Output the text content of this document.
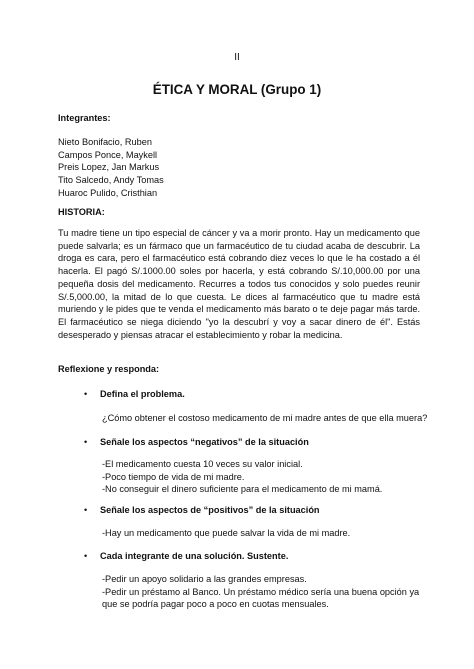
II
ÉTICA Y MORAL (Grupo 1)
Integrantes:
Nieto Bonifacio, Ruben
Campos Ponce, Maykell
Preis Lopez, Jan Markus
Tito Salcedo, Andy Tomas
Huaroc Pulido, Cristhian
HISTORIA:
Tu madre tiene un tipo especial de cáncer y va a morir pronto. Hay un medicamento que puede salvarla; es un fármaco que un farmacéutico de tu ciudad acaba de descubrir. La droga es cara, pero el farmacéutico está cobrando diez veces lo que le ha costado a él hacerla. El pagó S/.1000.00 soles por hacerla, y está cobrando S/.10,000.00 por una pequeña dosis del medicamento. Recurres a todos tus conocidos y solo puedes reunir S/.5,000.00, la mitad de lo que cuesta. Le dices al farmacéutico que tu madre está muriendo y le pides que te venda el medicamento más barato o te deje pagar más tarde. El farmacéutico se niega diciendo "yo la descubrí y voy a sacar dinero de él". Estás desesperado y piensas atracar el establecimiento y robar la medicina.
Reflexione y responda:
•	Defina el problema.
¿Cómo obtener el costoso medicamento de mi madre antes de que ella muera?
•	Señale los aspectos “negativos” de la situación
-El medicamento cuesta 10 veces su valor inicial.
-Poco tiempo de vida de mi madre.
-No conseguir el dinero suficiente para el medicamento de mi mamá.
•	Señale los aspectos de “positivos” de la situación
-Hay un medicamento que puede salvar la vida de mi madre.
•	Cada integrante de una solución. Sustente.
-Pedir un apoyo solidario a las grandes empresas.
-Pedir un préstamo al Banco. Un préstamo médico sería una buena opción ya
que se podría pagar poco a poco en cuotas mensuales.
